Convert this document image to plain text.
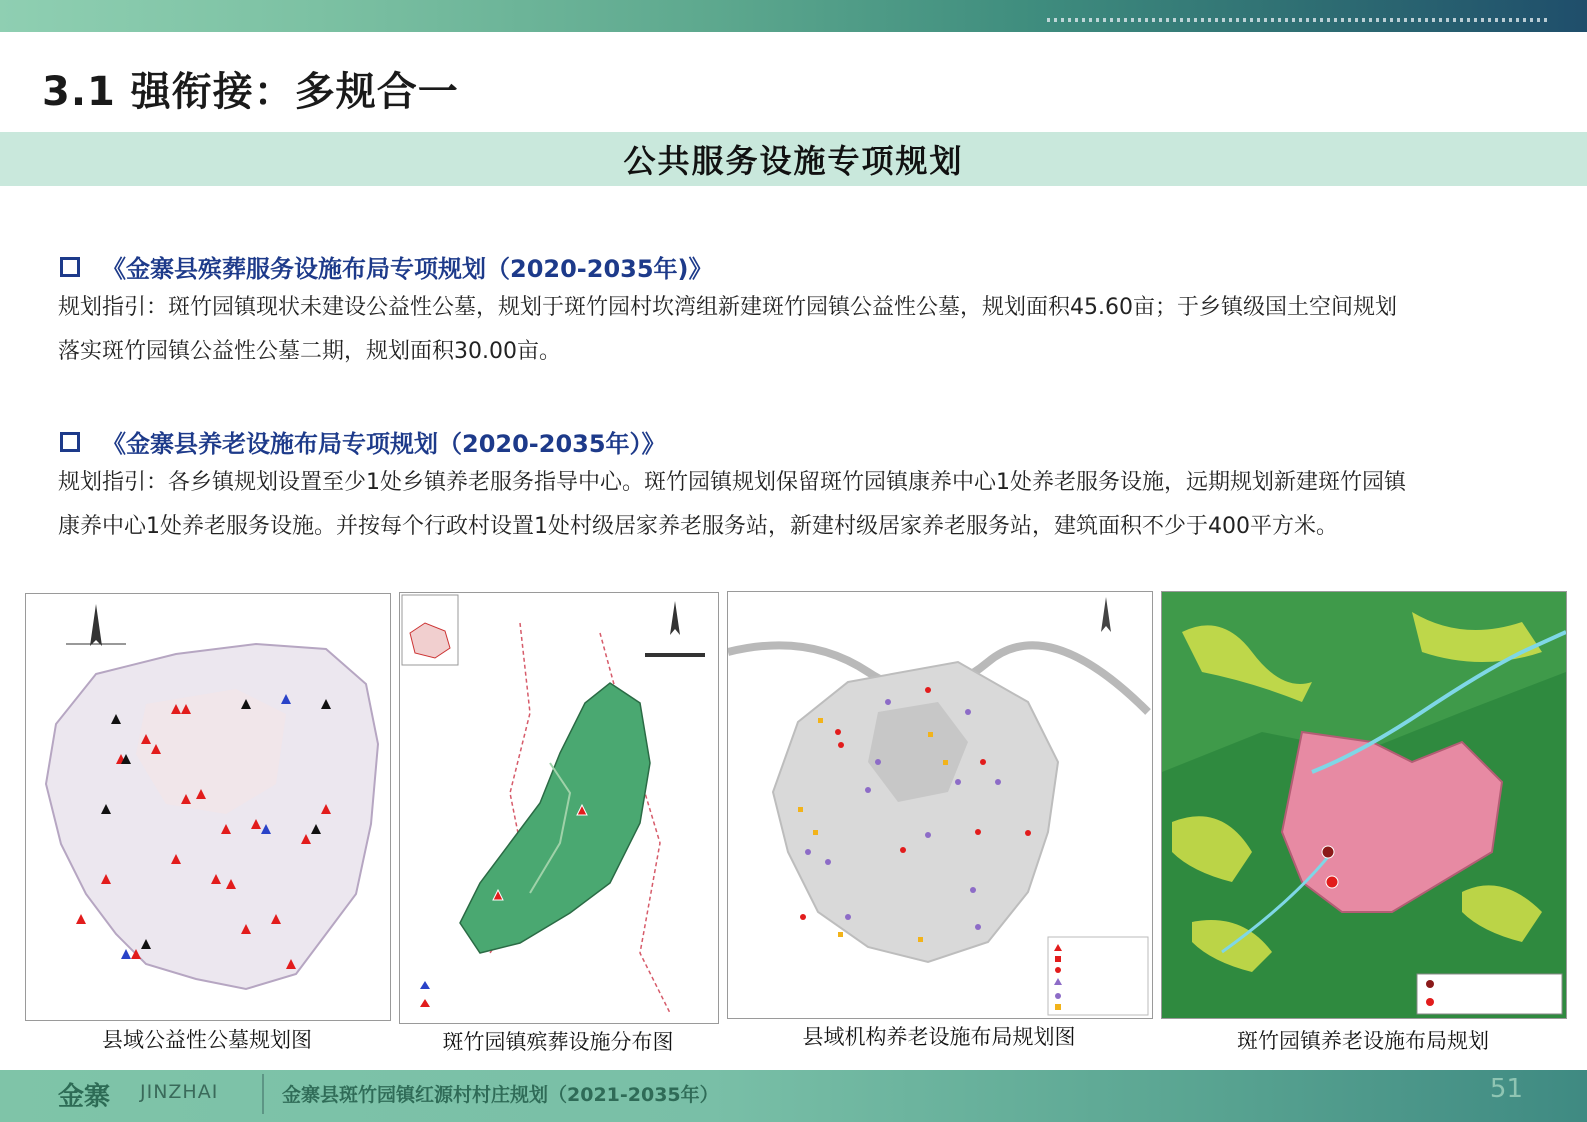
3.1 强衔接：多规合一
公共服务设施专项规划
《金寨县殡葬服务设施布局专项规划（2020-2035年)》

规划指引：斑竹园镇现状未建设公益性公墓，规划于斑竹园村坎湾组新建斑竹园镇公益性公墓，规划面积45.60亩；于乡镇级国土空间规划
落实斑竹园镇公益性公墓二期，规划面积30.00亩。

《金寨县养老设施布局专项规划（2020-2035年）》

规划指引：各乡镇规划设置至少1处乡镇养老服务指导中心。斑竹园镇规划保留斑竹园镇康养中心1处养老服务设施，远期规划新建斑竹园镇
康养中心1处养老服务设施。并按每个行政村设置1处村级居家养老服务站，新建村级居家养老服务站，建筑面积不少于400平方米。

县域公益性公墓规划图	斑竹园镇殡葬设施分布图	县域机构养老设施布局规划图	斑竹园镇养老设施布局规划
金寨 JINZHAI	金寨县斑竹园镇红源村村庄规划（2021-2035年）	51
